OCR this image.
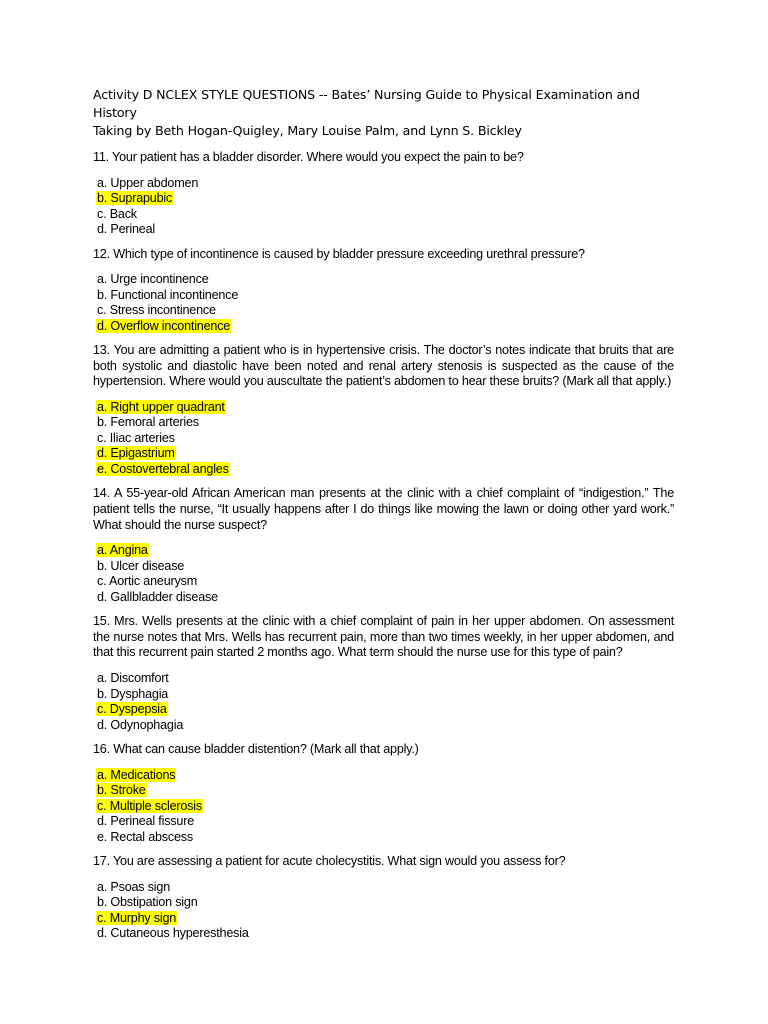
Activity D NCLEX STYLE QUESTIONS -- Bates’ Nursing Guide to Physical Examination and History
Taking by Beth Hogan-Quigley, Mary Louise Palm, and Lynn S. Bickley

11. Your patient has a bladder disorder. Where would you expect the pain to be?

a. Upper abdomen
b. Suprapubic
c. Back
d. Perineal

12. Which type of incontinence is caused by bladder pressure exceeding urethral pressure?

a. Urge incontinence
b. Functional incontinence
c. Stress incontinence
d. Overflow incontinence

13. You are admitting a patient who is in hypertensive crisis. The doctor’s notes indicate that bruits that are both systolic and diastolic have been noted and renal artery stenosis is suspected as the cause of the hypertension. Where would you auscultate the patient’s abdomen to hear these bruits? (Mark all that apply.)

a. Right upper quadrant
b. Femoral arteries
c. Iliac arteries
d. Epigastrium
e. Costovertebral angles

14. A 55-year-old African American man presents at the clinic with a chief complaint of “indigestion.” The patient tells the nurse, “It usually happens after I do things like mowing the lawn or doing other yard work.” What should the nurse suspect?

a. Angina
b. Ulcer disease
c. Aortic aneurysm
d. Gallbladder disease

15. Mrs. Wells presents at the clinic with a chief complaint of pain in her upper abdomen. On assessment the nurse notes that Mrs. Wells has recurrent pain, more than two times weekly, in her upper abdomen, and that this recurrent pain started 2 months ago. What term should the nurse use for this type of pain?

a. Discomfort
b. Dysphagia
c. Dyspepsia
d. Odynophagia

16. What can cause bladder distention? (Mark all that apply.)

a. Medications
b. Stroke
c. Multiple sclerosis
d. Perineal fissure
e. Rectal abscess

17. You are assessing a patient for acute cholecystitis. What sign would you assess for?

a. Psoas sign
b. Obstipation sign
c. Murphy sign
d. Cutaneous hyperesthesia
